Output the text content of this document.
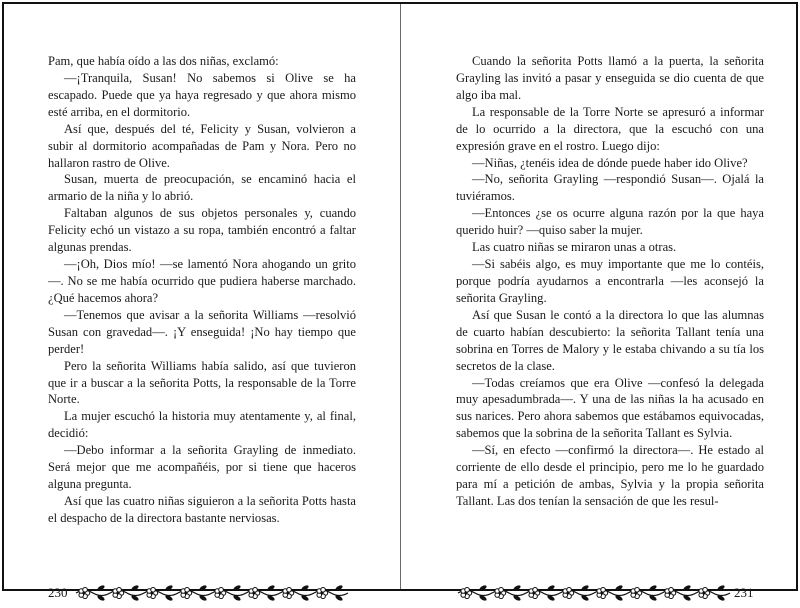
Pam, que había oído a las dos niñas, exclamó:

—¡Tranquila, Susan! No sabemos si Olive se ha escapado. Puede que ya haya regresado y que ahora mismo esté arriba, en el dormitorio.

Así que, después del té, Felicity y Susan, volvieron a subir al dormitorio acompañadas de Pam y Nora. Pero no hallaron rastro de Olive.

Susan, muerta de preocupación, se encaminó hacia el armario de la niña y lo abrió.

Faltaban algunos de sus objetos personales y, cuando Felicity echó un vistazo a su ropa, también encontró a faltar algunas prendas.

—¡Oh, Dios mío! —se lamentó Nora ahogando un grito—. No se me había ocurrido que pudiera haberse marchado. ¿Qué hacemos ahora?

—Tenemos que avisar a la señorita Williams —resolvió Susan con gravedad—. ¡Y enseguida! ¡No hay tiempo que perder!

Pero la señorita Williams había salido, así que tuvieron que ir a buscar a la señorita Potts, la responsable de la Torre Norte.

La mujer escuchó la historia muy atentamente y, al final, decidió:

—Debo informar a la señorita Grayling de inmediato. Será mejor que me acompañéis, por si tiene que haceros alguna pregunta.

Así que las cuatro niñas siguieron a la señorita Potts hasta el despacho de la directora bastante nerviosas.

230

Cuando la señorita Potts llamó a la puerta, la señorita Grayling las invitó a pasar y enseguida se dio cuenta de que algo iba mal.

La responsable de la Torre Norte se apresuró a informar de lo ocurrido a la directora, que la escuchó con una expresión grave en el rostro. Luego dijo:

—Niñas, ¿tenéis idea de dónde puede haber ido Olive?

—No, señorita Grayling —respondió Susan—. Ojalá la tuviéramos.

—Entonces ¿se os ocurre alguna razón por la que haya querido huir? —quiso saber la mujer.

Las cuatro niñas se miraron unas a otras.

—Si sabéis algo, es muy importante que me lo contéis, porque podría ayudarnos a encontrarla —les aconsejó la señorita Grayling.

Así que Susan le contó a la directora lo que las alumnas de cuarto habían descubierto: la señorita Tallant tenía una sobrina en Torres de Malory y le estaba chivando a su tía los secretos de la clase.

—Todas creíamos que era Olive —confesó la delegada muy apesadumbrada—. Y una de las niñas la ha acusado en sus narices. Pero ahora sabemos que estábamos equivocadas, sabemos que la sobrina de la señorita Tallant es Sylvia.

—Sí, en efecto —confirmó la directora—. He estado al corriente de ello desde el principio, pero me lo he guardado para mí a petición de ambas, Sylvia y la propia señorita Tallant. Las dos tenían la sensación de que les resul-

231
